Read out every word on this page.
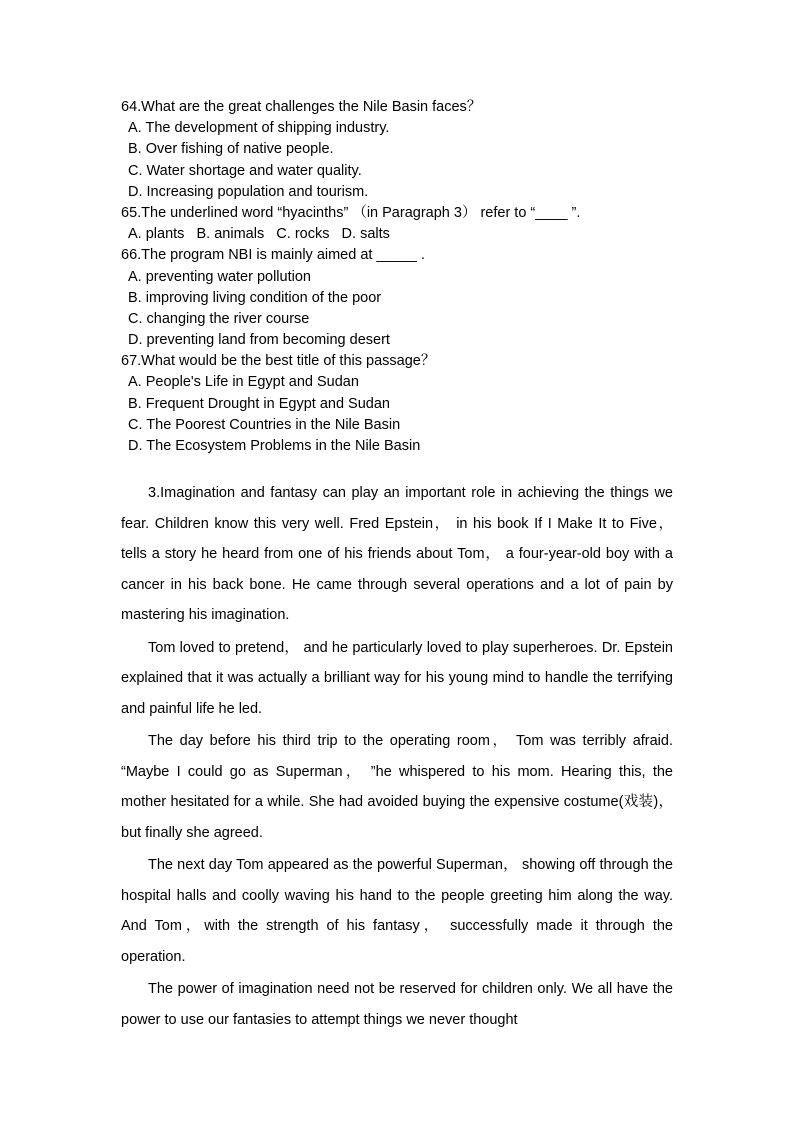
64.What are the great challenges the Nile Basin faces？
A. The development of shipping industry.
B. Over fishing of native people.
C. Water shortage and water quality.
D. Increasing population and tourism.
65.The underlined word “hyacinths” （in Paragraph 3） refer to “____ ”.
A. plants   B. animals   C. rocks   D. salts
66.The program NBI is mainly aimed at _____ .
A. preventing water pollution
B. improving living condition of the poor
C. changing the river course
D. preventing land from becoming desert
67.What would be the best title of this passage？
A. People's Life in Egypt and Sudan
B. Frequent Drought in Egypt and Sudan
C. The Poorest Countries in the Nile Basin
D. The Ecosystem Problems in the Nile Basin

3.Imagination and fantasy can play an important role in achieving the things we fear. Children know this very well. Fred Epstein， in his book If I Make It to Five， tells a story he heard from one of his friends about Tom， a four-year-old boy with a cancer in his back bone. He came through several operations and a lot of pain by mastering his imagination.

Tom loved to pretend， and he particularly loved to play superheroes. Dr. Epstein explained that it was actually a brilliant way for his young mind to handle the terrifying and painful life he led.

The day before his third trip to the operating room， Tom was terribly afraid. “Maybe I could go as Superman， ”he whispered to his mom. Hearing this, the mother hesitated for a while. She had avoided buying the expensive costume(戏装)，but finally she agreed.

The next day Tom appeared as the powerful Superman， showing off through the hospital halls and coolly waving his hand to the people greeting him along the way. And Tom，with the strength of his fantasy， successfully made it through the operation.

The power of imagination need not be reserved for children only. We all have the power to use our fantasies to attempt things we never thought
